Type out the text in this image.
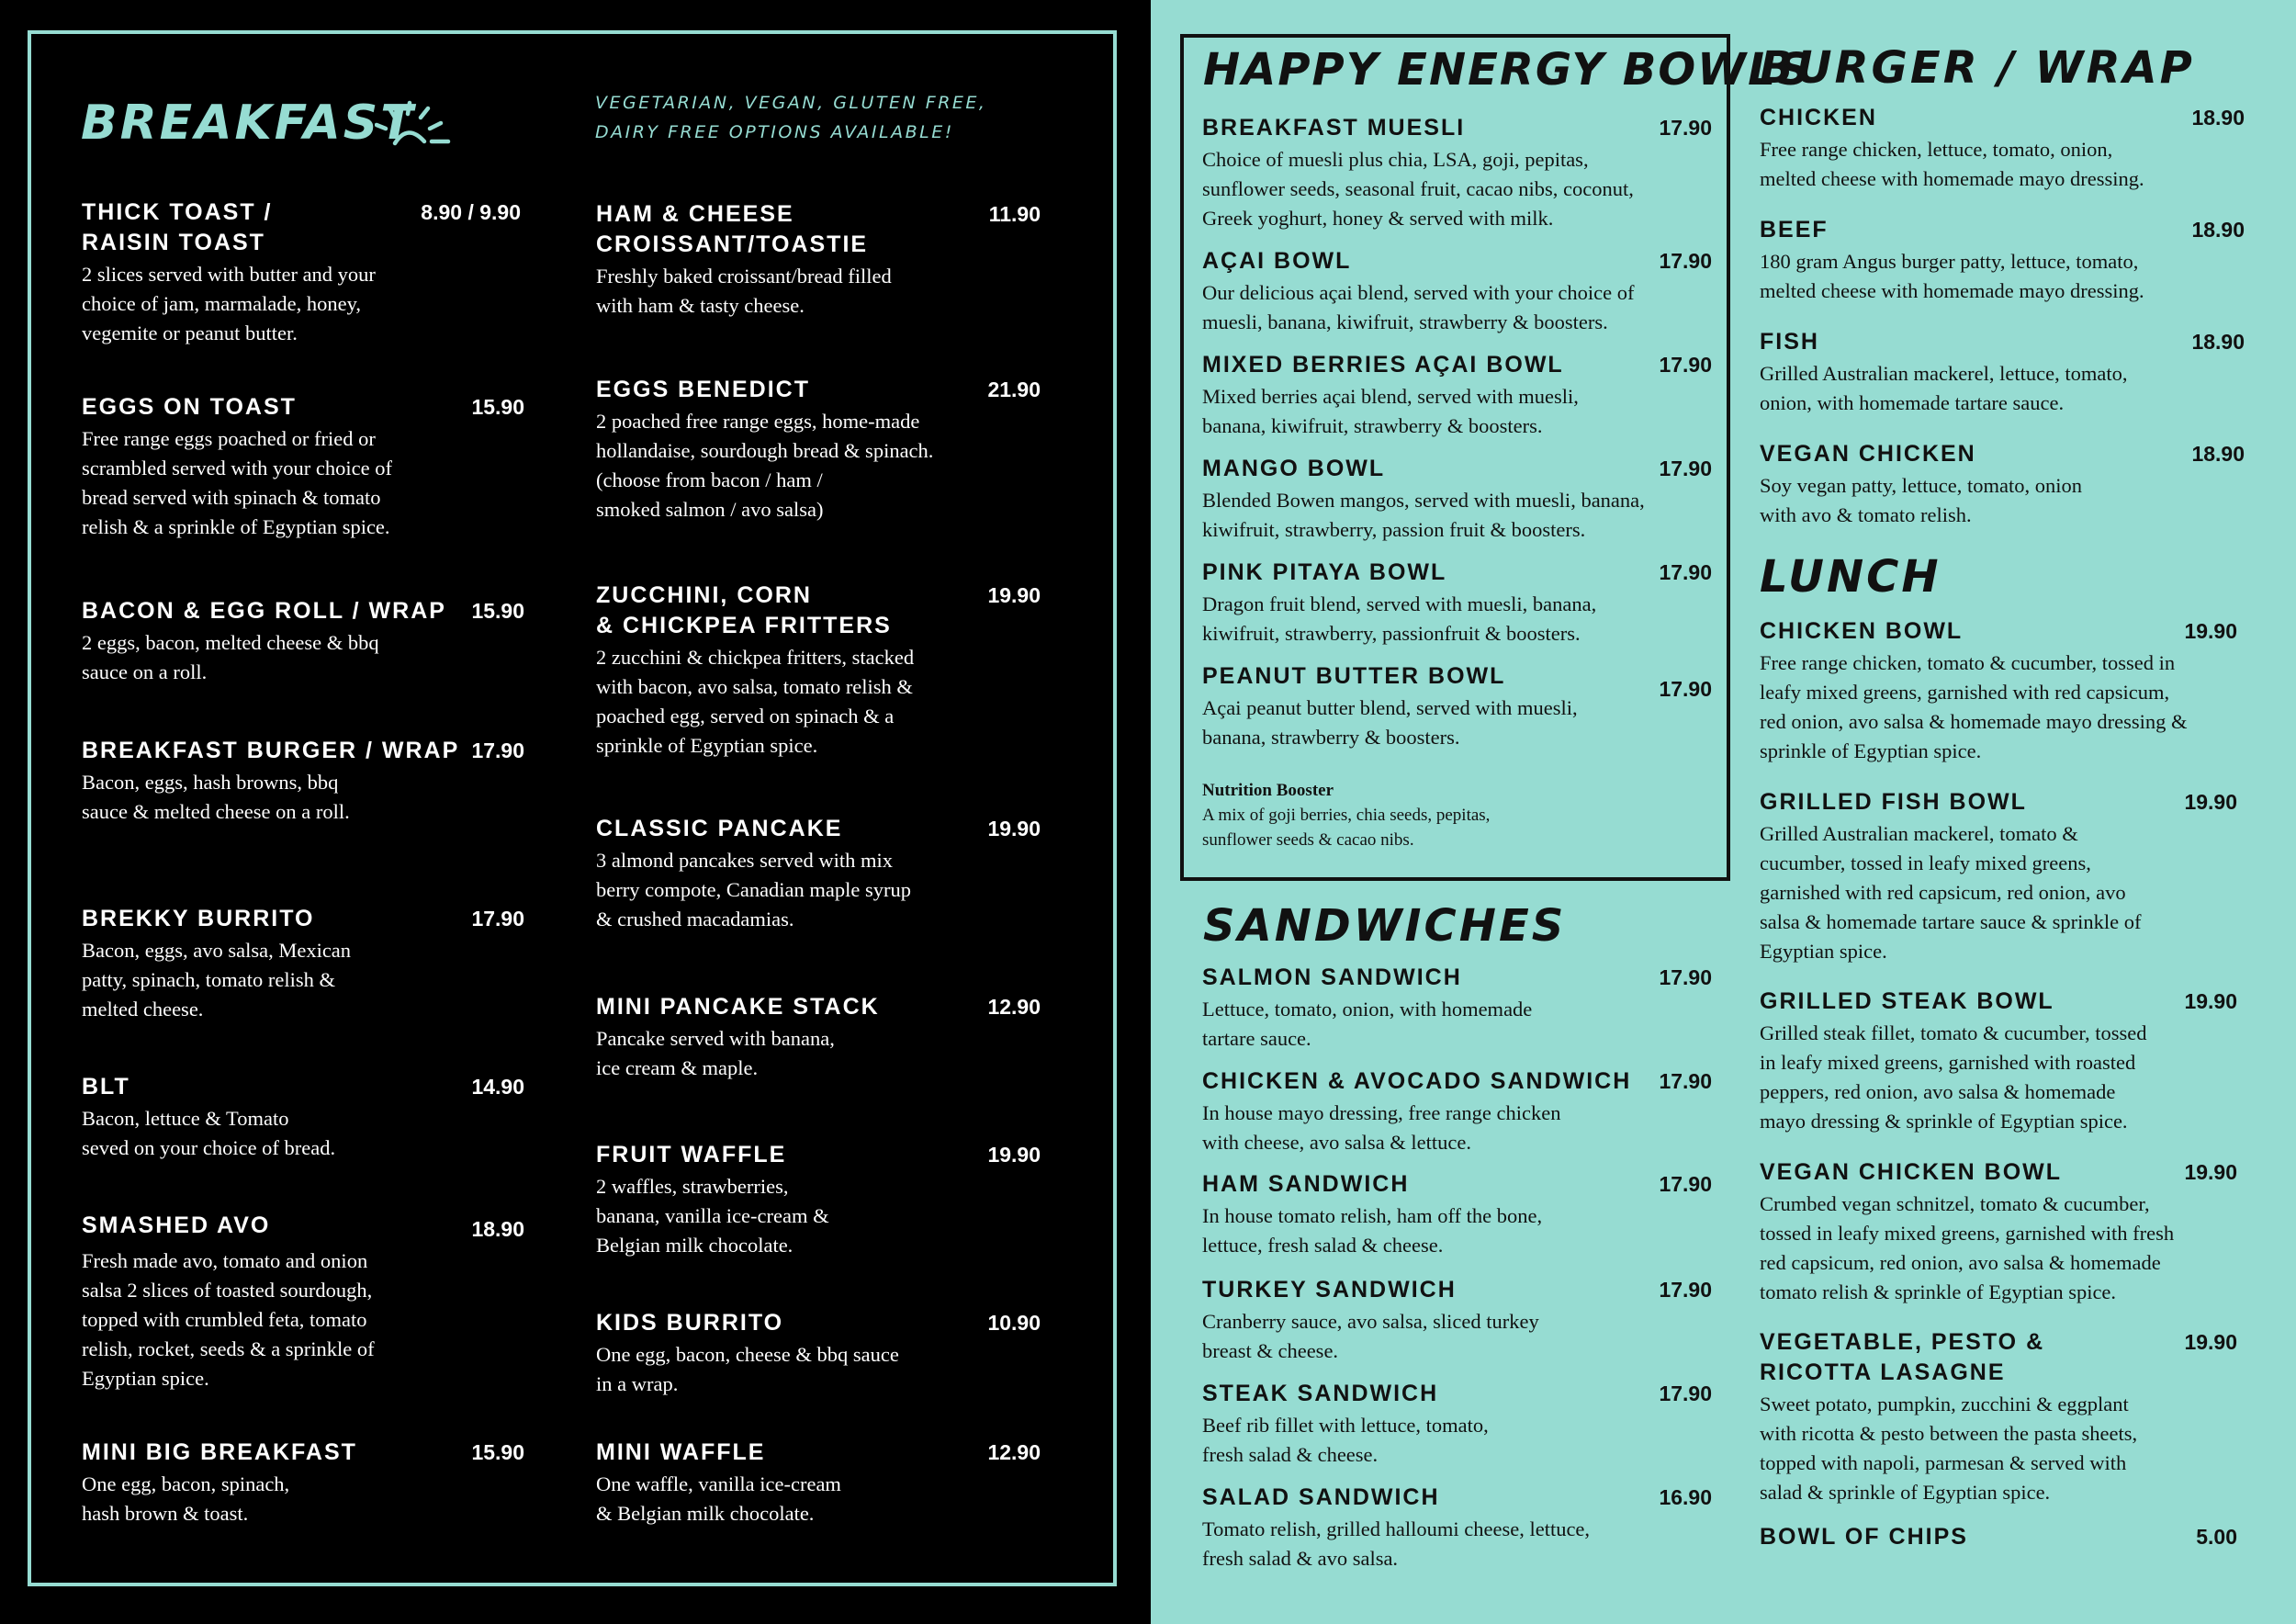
BREAKFAST	VEGETARIAN, VEGAN, GLUTEN FREE,
DAIRY FREE OPTIONS AVAILABLE!
THICK TOAST /
RAISIN TOAST
8.90 / 9.90
2 slices served with butter and your
choice of jam, marmalade, honey,
vegemite or peanut butter.
EGGS ON TOAST	15.90
Free range eggs poached or fried or
scrambled served with your choice of
bread served with spinach & tomato
relish & a sprinkle of Egyptian spice.
BACON & EGG ROLL / WRAP 15.90
2 eggs, bacon, melted cheese & bbq
sauce on a roll.
BREAKFAST BURGER / WRAP 17.90
Bacon, eggs, hash browns, bbq
sauce & melted cheese on a roll.
BREKKY BURRITO	17.90
Bacon, eggs, avo salsa, Mexican
patty, spinach, tomato relish &
melted cheese.
BLT	14.90
Bacon, lettuce & Tomato
seved on your choice of bread.
SMASHED AVO	18.90
Fresh made avo, tomato and onion
salsa 2 slices of toasted sourdough,
topped with crumbled feta, tomato
relish, rocket, seeds & a sprinkle of
Egyptian spice.
MINI BIG BREAKFAST	15.90
One egg, bacon, spinach,
hash brown & toast.
HAM & CHEESE
CROISSANT/TOASTIE
11.90
Freshly baked croissant/bread filled
with ham & tasty cheese.
EGGS BENEDICT	21.90
2 poached free range eggs, home-made
hollandaise, sourdough bread & spinach.
(choose from bacon / ham /
smoked salmon / avo salsa)
ZUCCHINI, CORN
& CHICKPEA FRITTERS
19.90
2 zucchini & chickpea fritters, stacked
with bacon, avo salsa, tomato relish &
poached egg, served on spinach & a
sprinkle of Egyptian spice.
CLASSIC PANCAKE	19.90
3 almond pancakes served with mix
berry compote, Canadian maple syrup
& crushed macadamias.
MINI PANCAKE STACK	12.90
Pancake served with banana,
ice cream & maple.
FRUIT WAFFLE	19.90
2 waffles, strawberries,
banana, vanilla ice-cream &
Belgian milk chocolate.
KIDS BURRITO	10.90
One egg, bacon, cheese & bbq sauce
in a wrap.
MINI WAFFLE	12.90
One waffle, vanilla ice-cream
& Belgian milk chocolate.
HAPPY ENERGY BOWLS
BREAKFAST MUESLI	17.90
Choice of muesli plus chia, LSA, goji, pepitas,
sunflower seeds, seasonal fruit, cacao nibs, coconut,
Greek yoghurt, honey & served with milk.
AÇAI BOWL	17.90
Our delicious açai blend, served with your choice of
muesli, banana, kiwifruit, strawberry & boosters.
MIXED BERRIES AÇAI BOWL	17.90
Mixed berries açai blend, served with muesli,
banana, kiwifruit, strawberry & boosters.
MANGO BOWL	17.90
Blended Bowen mangos, served with muesli, banana,
kiwifruit, strawberry, passion fruit & boosters.
PINK PITAYA BOWL	17.90
Dragon fruit blend, served with muesli, banana,
kiwifruit, strawberry, passionfruit & boosters.
PEANUT BUTTER BOWL	17.90
Açai peanut butter blend, served with muesli,
banana, strawberry & boosters.
Nutrition Booster
A mix of goji berries, chia seeds, pepitas,
sunflower seeds & cacao nibs.
SANDWICHES
SALMON SANDWICH	17.90
Lettuce, tomato, onion, with homemade
tartare sauce.
CHICKEN & AVOCADO SANDWICH 17.90
In house mayo dressing, free range chicken
with cheese, avo salsa & lettuce.
HAM SANDWICH	17.90
In house tomato relish, ham off the bone,
lettuce, fresh salad & cheese.
TURKEY SANDWICH	17.90
Cranberry sauce, avo salsa, sliced turkey
breast & cheese.
STEAK SANDWICH	17.90
Beef rib fillet with lettuce, tomato,
fresh salad & cheese.
SALAD SANDWICH	16.90
Tomato relish, grilled halloumi cheese, lettuce,
fresh salad & avo salsa.
BURGER / WRAP
CHICKEN	18.90
Free range chicken, lettuce, tomato, onion,
melted cheese with homemade mayo dressing.
BEEF	18.90
180 gram Angus burger patty, lettuce, tomato,
melted cheese with homemade mayo dressing.
FISH	18.90
Grilled Australian mackerel, lettuce, tomato,
onion, with homemade tartare sauce.
VEGAN CHICKEN	18.90
Soy vegan patty, lettuce, tomato, onion
with avo & tomato relish.
LUNCH
CHICKEN BOWL	19.90
Free range chicken, tomato & cucumber, tossed in
leafy mixed greens, garnished with red capsicum,
red onion, avo salsa & homemade mayo dressing &
sprinkle of Egyptian spice.
GRILLED FISH BOWL	19.90
Grilled Australian mackerel, tomato &
cucumber, tossed in leafy mixed greens,
garnished with red capsicum, red onion, avo
salsa & homemade tartare sauce & sprinkle of
Egyptian spice.
GRILLED STEAK BOWL	19.90
Grilled steak fillet, tomato & cucumber, tossed
in leafy mixed greens, garnished with roasted
peppers, red onion, avo salsa & homemade
mayo dressing & sprinkle of Egyptian spice.
VEGAN CHICKEN BOWL	19.90
Crumbed vegan schnitzel, tomato & cucumber,
tossed in leafy mixed greens, garnished with fresh
red capsicum, red onion, avo salsa & homemade
tomato relish & sprinkle of Egyptian spice.
VEGETABLE, PESTO &
RICOTTA LASAGNE
19.90
Sweet potato, pumpkin, zucchini & eggplant
with ricotta & pesto between the pasta sheets,
topped with napoli, parmesan & served with
salad & sprinkle of Egyptian spice.
BOWL OF CHIPS	5.00
